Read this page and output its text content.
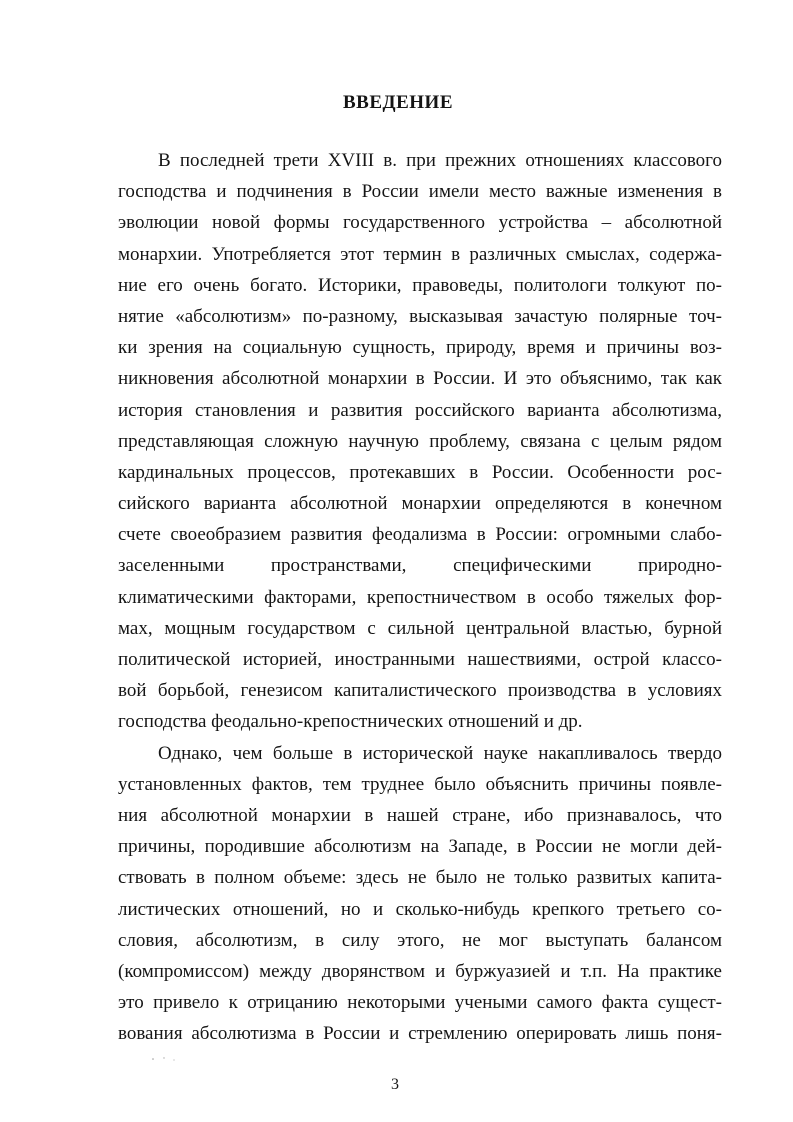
ВВЕДЕНИЕ
В последней трети XVIII в. при прежних отношениях классового
господства и подчинения в России имели место важные изменения в
эволюции новой формы государственного устройства – абсолютной
монархии. Употребляется этот термин в различных смыслах, содержа-
ние его очень богато. Историки, правоведы, политологи толкуют по-
нятие «абсолютизм» по-разному, высказывая зачастую полярные точ-
ки зрения на социальную сущность, природу, время и причины воз-
никновения абсолютной монархии в России. И это объяснимо, так как
история становления и развития российского варианта абсолютизма,
представляющая сложную научную проблему, связана с целым рядом
кардинальных процессов, протекавших в России. Особенности рос-
сийского варианта абсолютной монархии определяются в конечном
счете своеобразием развития феодализма в России: огромными слабо-
заселенными пространствами, специфическими природно-
климатическими факторами, крепостничеством в особо тяжелых фор-
мах, мощным государством с сильной центральной властью, бурной
политической историей, иностранными нашествиями, острой классо-
вой борьбой, генезисом капиталистического производства в условиях
господства феодально-крепостнических отношений и др.
Однако, чем больше в исторической науке накапливалось твердо
установленных фактов, тем труднее было объяснить причины появле-
ния абсолютной монархии в нашей стране, ибо признавалось, что
причины, породившие абсолютизм на Западе, в России не могли дей-
ствовать в полном объеме: здесь не было не только развитых капита-
листических отношений, но и сколько-нибудь крепкого третьего со-
словия, абсолютизм, в силу этого, не мог выступать балансом
(компромиссом) между дворянством и буржуазией и т.п. На практике
это привело к отрицанию некоторыми учеными самого факта сущест-
вования абсолютизма в России и стремлению оперировать лишь поня-
3
